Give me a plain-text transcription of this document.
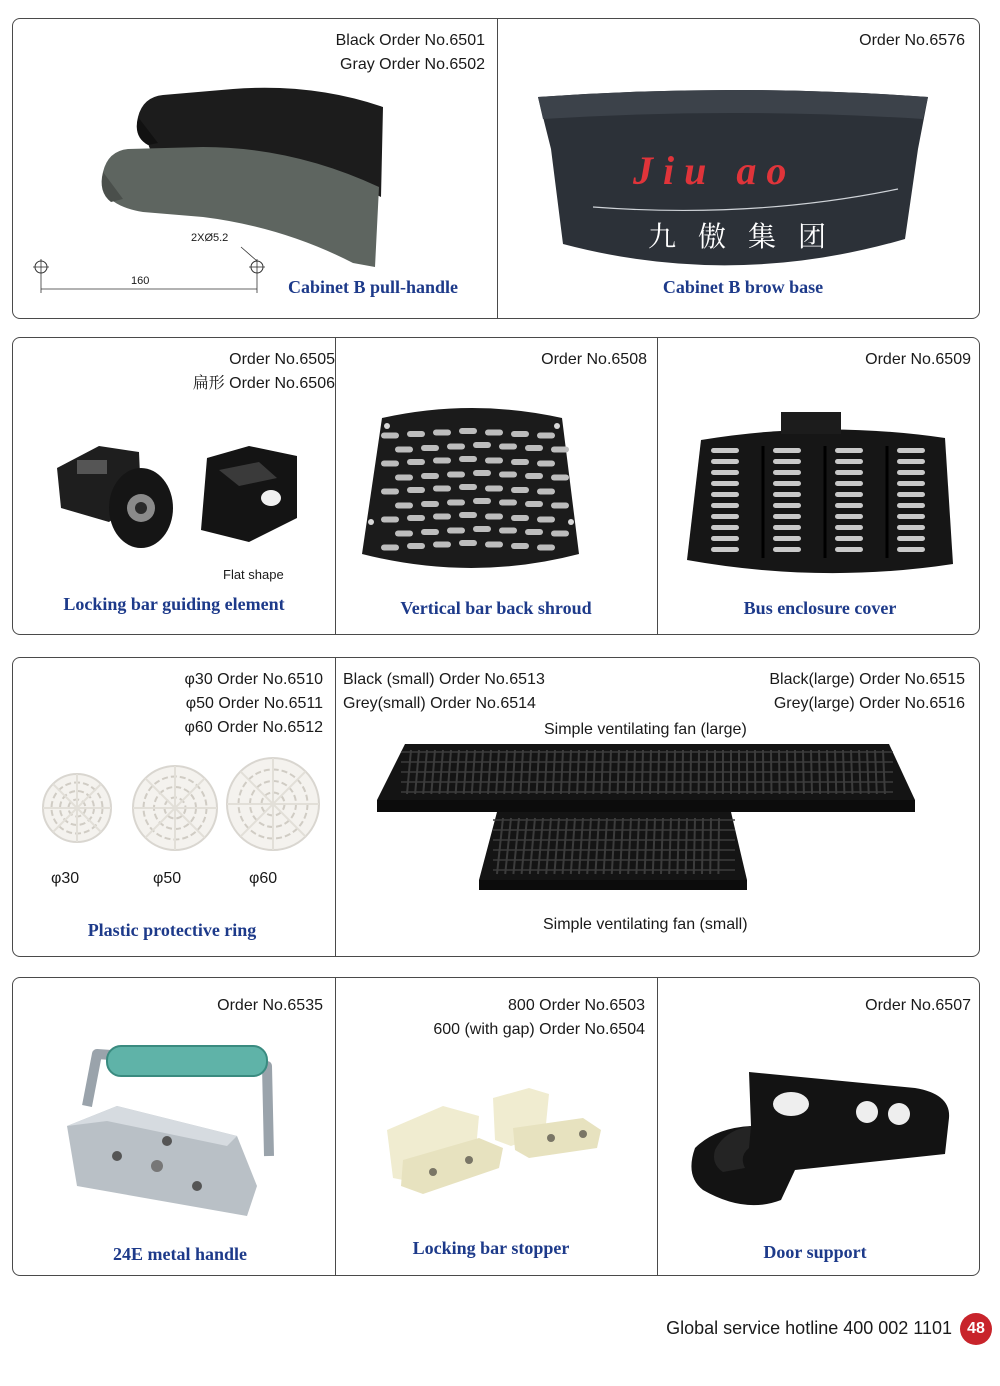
Black Order No.6501
Gray Order No.6502
2XØ5.2
160	Cabinet B pull-handle
Order No.6576
Jiu ao
九傲集团
Cabinet B brow base
Order No.6505
扁形 Order No.6506
Flat shape
Locking bar guiding element
Order No.6508
Vertical bar back shroud
Order No.6509
Bus enclosure cover
φ30 Order No.6510
φ50 Order No.6511
φ60 Order No.6512
φ30	φ50	φ60
Plastic protective ring
Black (small) Order No.6513
Grey(small) Order No.6514
Black(large) Order No.6515
Grey(large) Order No.6516
Simple ventilating fan (large)
Simple ventilating fan (small)
Order No.6535
24E metal handle
800 Order No.6503
600 (with gap) Order No.6504
Locking bar stopper
Order No.6507
Door support
Global service hotline 400 002 1101 48
